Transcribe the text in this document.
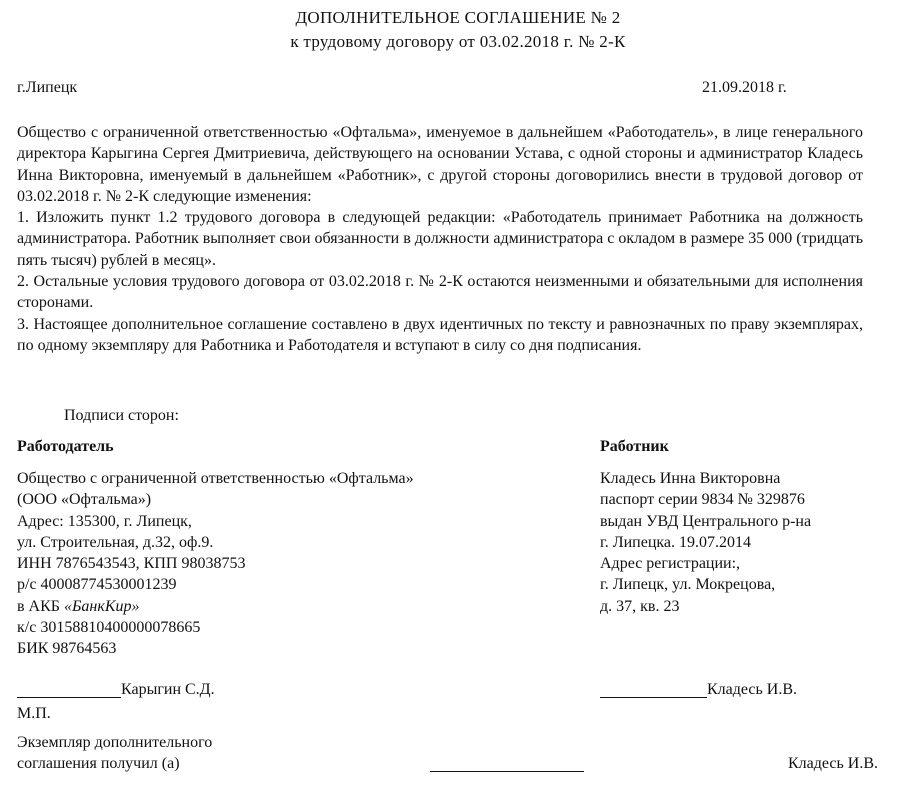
ДОПОЛНИТЕЛЬНОЕ СОГЛАШЕНИЕ № 2
к трудовому договору от 03.02.2018 г. № 2-К
г.Липецк	21.09.2018 г.

Общество с ограниченной ответственностью «Офтальма», именуемое в дальнейшем «Работодатель», в лице генерального директора Карыгина Сергея Дмитриевича, действующего на основании Устава, с одной стороны и администратор Кладесь Инна Викторовна, именуемый в дальнейшем «Работник», с другой стороны договорились внести в трудовой договор от 03.02.2018 г. № 2-К следующие изменения:

1. Изложить пункт 1.2 трудового договора в следующей редакции: «Работодатель принимает Работника на должность администратора. Работник выполняет свои обязанности в должности администратора с окладом в размере 35 000 (тридцать пять тысяч) рублей в месяц».

2. Остальные условия трудового договора от 03.02.2018 г. № 2-К остаются неизменными и обязательными для исполнения сторонами.

3. Настоящее дополнительное соглашение составлено в двух идентичных по тексту и равнозначных по праву экземплярах, по одному экземпляру для Работника и Работодателя и вступают в силу со дня подписания.

Подписи сторон:
Работодатель
Общество с ограниченной ответственностью «Офтальма»
(ООО «Офтальма»)
Адрес: 135300, г. Липецк,
ул. Строительная, д.32, оф.9.
ИНН 7876543543, КПП 98038753
р/с 40008774530001239
в АКБ «БанкКир»
к/с 30158810400000078665
БИК 98764563
Работник
Кладесь Инна Викторовна
паспорт серии 9834 № 329876
выдан УВД Центрального р-на
г. Липецка. 19.07.2014
Адрес регистрации:,
г. Липецк, ул. Мокрецова,
д. 37, кв. 23
Карыгин С.Д.
М.П.
Кладесь И.В.
Экземпляр дополнительного
соглашения получил (а)	Кладесь И.В.
